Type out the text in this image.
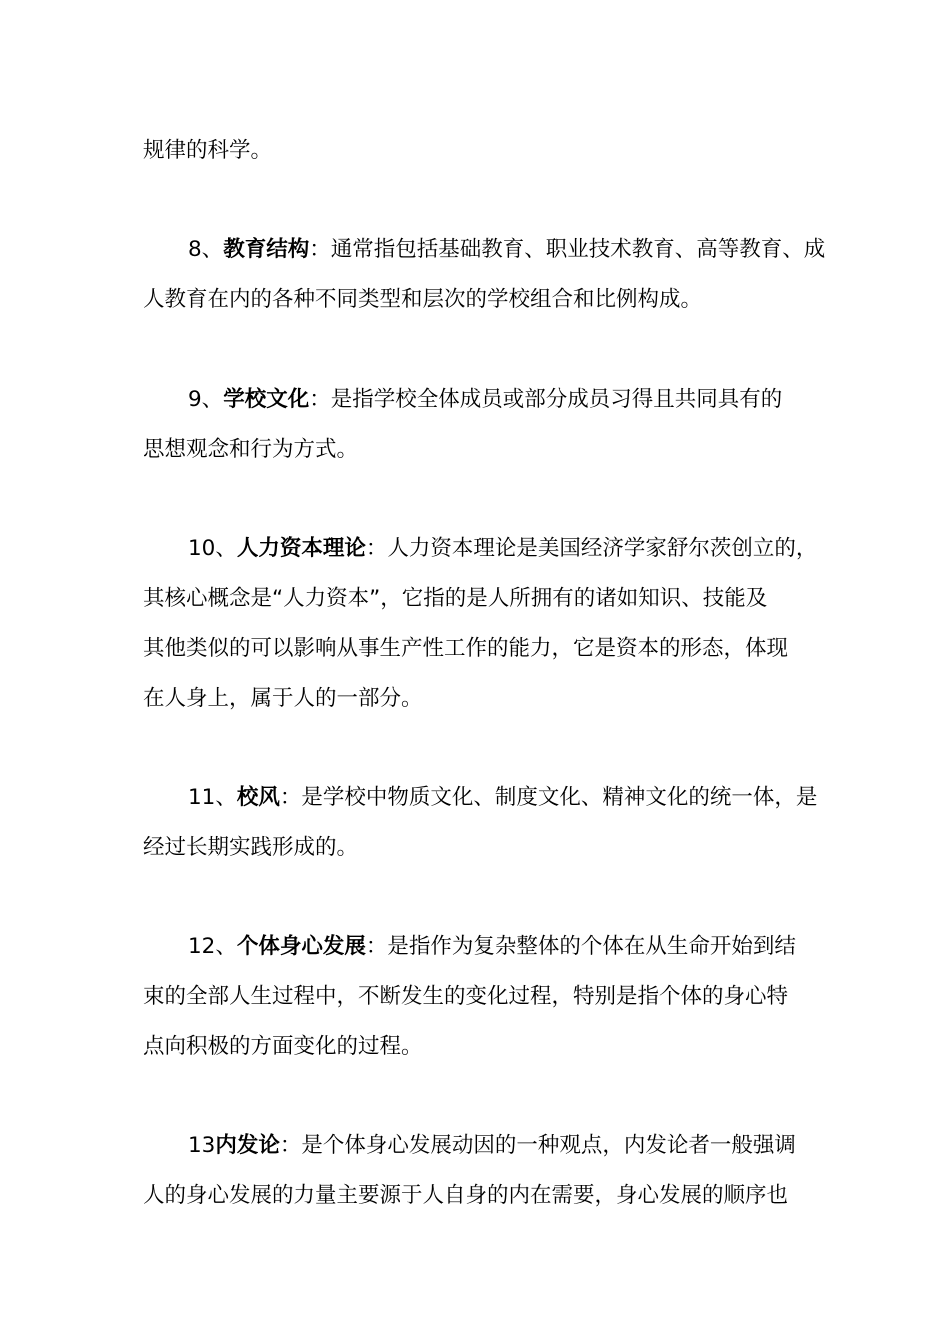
规律的科学。

8、教育结构：通常指包括基础教育、职业技术教育、高等教育、成
人教育在内的各种不同类型和层次的学校组合和比例构成。

9、学校文化：是指学校全体成员或部分成员习得且共同具有的
思想观念和行为方式。

10、人力资本理论：人力资本理论是美国经济学家舒尔茨创立的，
其核心概念是“人力资本”，它指的是人所拥有的诸如知识、技能及
其他类似的可以影响从事生产性工作的能力，它是资本的形态，体现
在人身上，属于人的一部分。

11、校风：是学校中物质文化、制度文化、精神文化的统一体，是
经过长期实践形成的。

12、个体身心发展：是指作为复杂整体的个体在从生命开始到结
束的全部人生过程中，不断发生的变化过程，特别是指个体的身心特
点向积极的方面变化的过程。

13内发论：是个体身心发展动因的一种观点，内发论者一般强调
人的身心发展的力量主要源于人自身的内在需要，身心发展的顺序也
